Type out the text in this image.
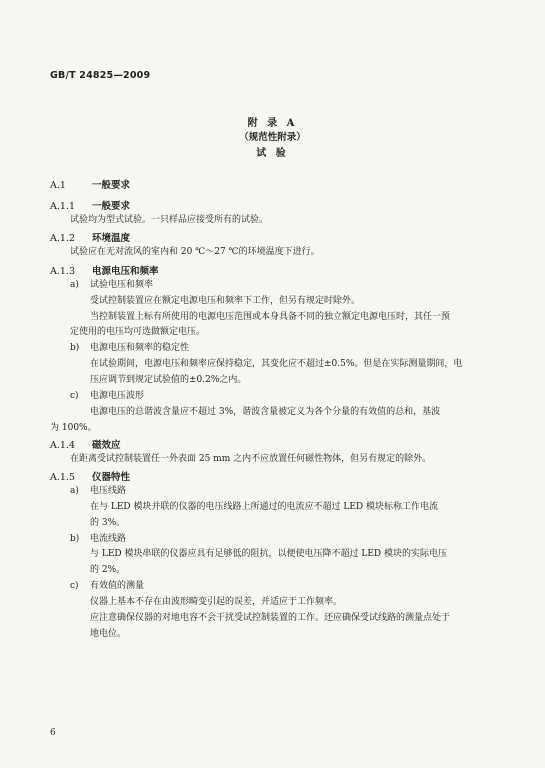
GB/T 24825—2009
附 录 A
（规范性附录）
试 验
A.1	一般要求
A.1.1 一般要求
试验均为型式试验。一只样品应接受所有的试验。
A.1.2 环境温度
试验应在无对流风的室内和 20 ℃～27 ℃的环境温度下进行。
A.1.3 电源电压和频率
a) 试验电压和频率
受试控制装置应在额定电源电压和频率下工作，但另有规定时除外。
当控制装置上标有所使用的电源电压范围或本身具备不同的独立额定电源电压时，其任一预
定使用的电压均可选做额定电压。
b) 电源电压和频率的稳定性
在试验期间，电源电压和频率应保持稳定，其变化应不超过±0.5%。但是在实际测量期间，电
压应调节到规定试验值的±0.2%之内。
c) 电源电压波形
电源电压的总谐波含量应不超过 3%，谐波含量被定义为各个分量的有效值的总和，基波
为 100%。
A.1.4 磁效应
在距离受试控制装置任一外表面 25 mm 之内不应放置任何磁性物体，但另有规定的除外。
A.1.5 仪器特性
a) 电压线路
在与 LED 模块并联的仪器的电压线路上所通过的电流应不超过 LED 模块标称工作电流
的 3%。
b) 电流线路
与 LED 模块串联的仪器应具有足够低的阻抗，以便使电压降不超过 LED 模块的实际电压
的 2%。
c) 有效值的测量
仪器上基本不存在由波形畸变引起的误差，并适应于工作频率。
应注意确保仪器的对地电容不会干扰受试控制装置的工作。还应确保受试线路的测量点处于
地电位。
6
